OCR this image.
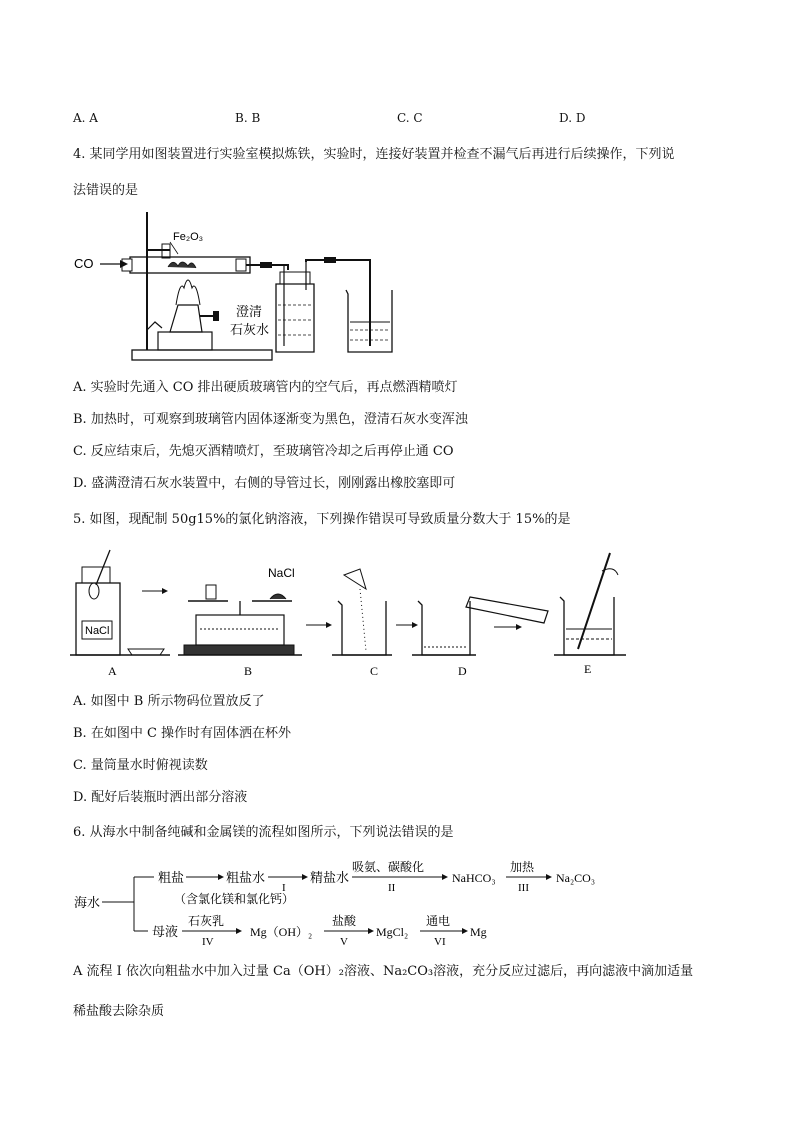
A. A	B. B	C. C	D. D
4. 某同学用如图装置进行实验室模拟炼铁，实验时，连接好装置并检查不漏气后再进行后续操作，下列说
法错误的是
CO
Fe₂O₃
澄清
石灰水
A. 实验时先通入 CO 排出硬质玻璃管内的空气后，再点燃酒精喷灯
B. 加热时，可观察到玻璃管内固体逐渐变为黑色，澄清石灰水变浑浊
C. 反应结束后，先熄灭酒精喷灯，至玻璃管冷却之后再停止通 CO
D. 盛满澄清石灰水装置中，右侧的导管过长，刚刚露出橡胶塞即可
5. 如图，现配制 50g15%的氯化钠溶液，下列操作错误可导致质量分数大于 15%的是
NaCl
A
NaCl
B	C	D	E
A. 如图中 B 所示物码位置放反了
B. 在如图中 C 操作时有固体洒在杯外
C. 量筒量水时俯视读数
D. 配好后装瓶时洒出部分溶液
6. 从海水中制备纯碱和金属镁的流程如图所示，下列说法错误的是
海水
粗盐	粗盐水
（含氯化镁和氯化钙）
I
精盐水
吸氨、碳酸化
II
NaHCO₃
加热
III
Na₂CO₃
母液
石灰乳
IV
Mg（OH）₂
盐酸
V
MgCl₂
通电
VI
Mg
A 流程 I 依次向粗盐水中加入过量 Ca（OH）₂溶液、Na₂CO₃溶液，充分反应过滤后，再向滤液中滴加适量
稀盐酸去除杂质
